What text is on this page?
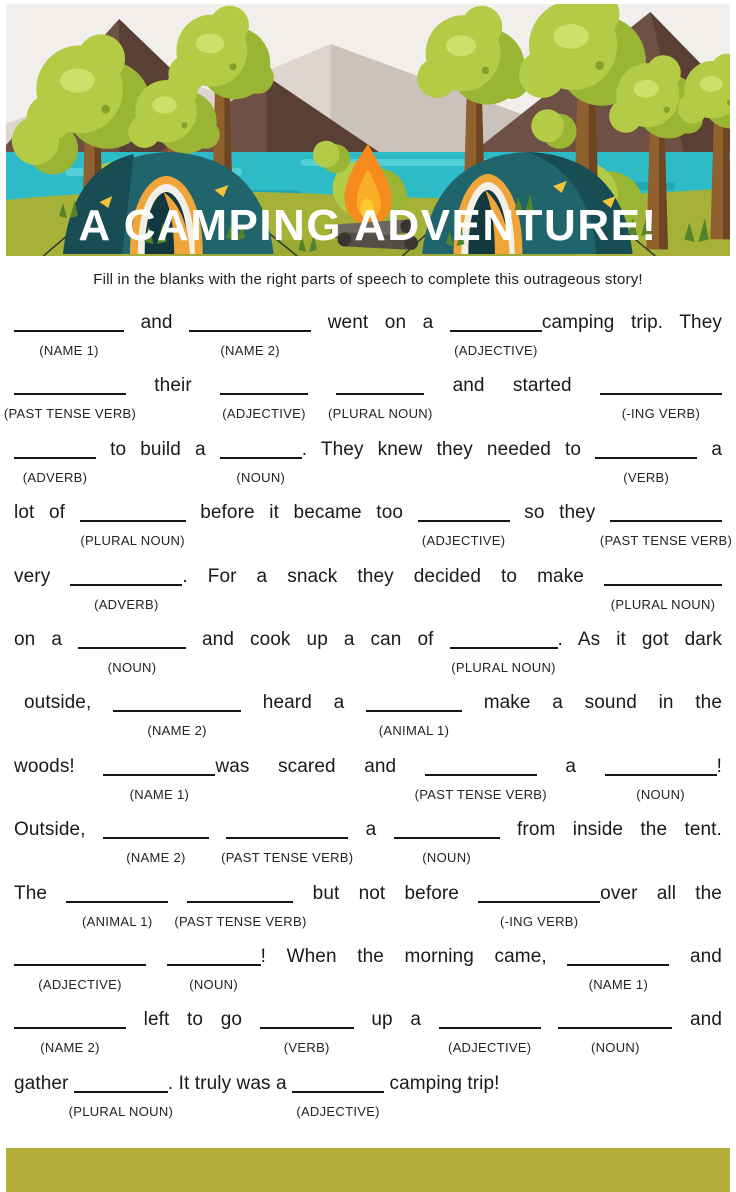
A CAMPING ADVENTURE!
Fill in the blanks with the right parts of speech to complete this outrageous story!

(NAME 1)
and
(NAME 2)
went on a
(ADJECTIVE)
camping trip. They

(PAST TENSE VERB)
their
(ADJECTIVE)
(PLURAL NOUN)
and started
(-ING VERB)

(ADVERB)
to build a
(NOUN)
. They knew they needed to
(VERB)
a

lot of
(PLURAL NOUN)
before it became too
(ADJECTIVE)
so they
(PAST TENSE VERB)

very
(ADVERB)
. For a snack they decided to make
(PLURAL NOUN)

on a
(NOUN)
and cook up a can of
(PLURAL NOUN)
. As it got dark

outside,
(NAME 2)
heard a
(ANIMAL 1)
make a sound in the

woods!
(NAME 1)
was scared and
(PAST TENSE VERB)
a
(NOUN)
!

Outside,
(NAME 2)
	(PAST TENSE VERB)
a
(NOUN)
from inside the tent.

The
(ANIMAL 1)
(PAST TENSE VERB)
but not before
(-ING VERB)
over all the

(ADJECTIVE)
	(NOUN)
! When the morning came,
(NAME 1)
and

(NAME 2)
left to go
(VERB)
up a
(ADJECTIVE)
	(NOUN)
and

gather
(PLURAL NOUN)
. It truly was a
(ADJECTIVE)
camping trip!
